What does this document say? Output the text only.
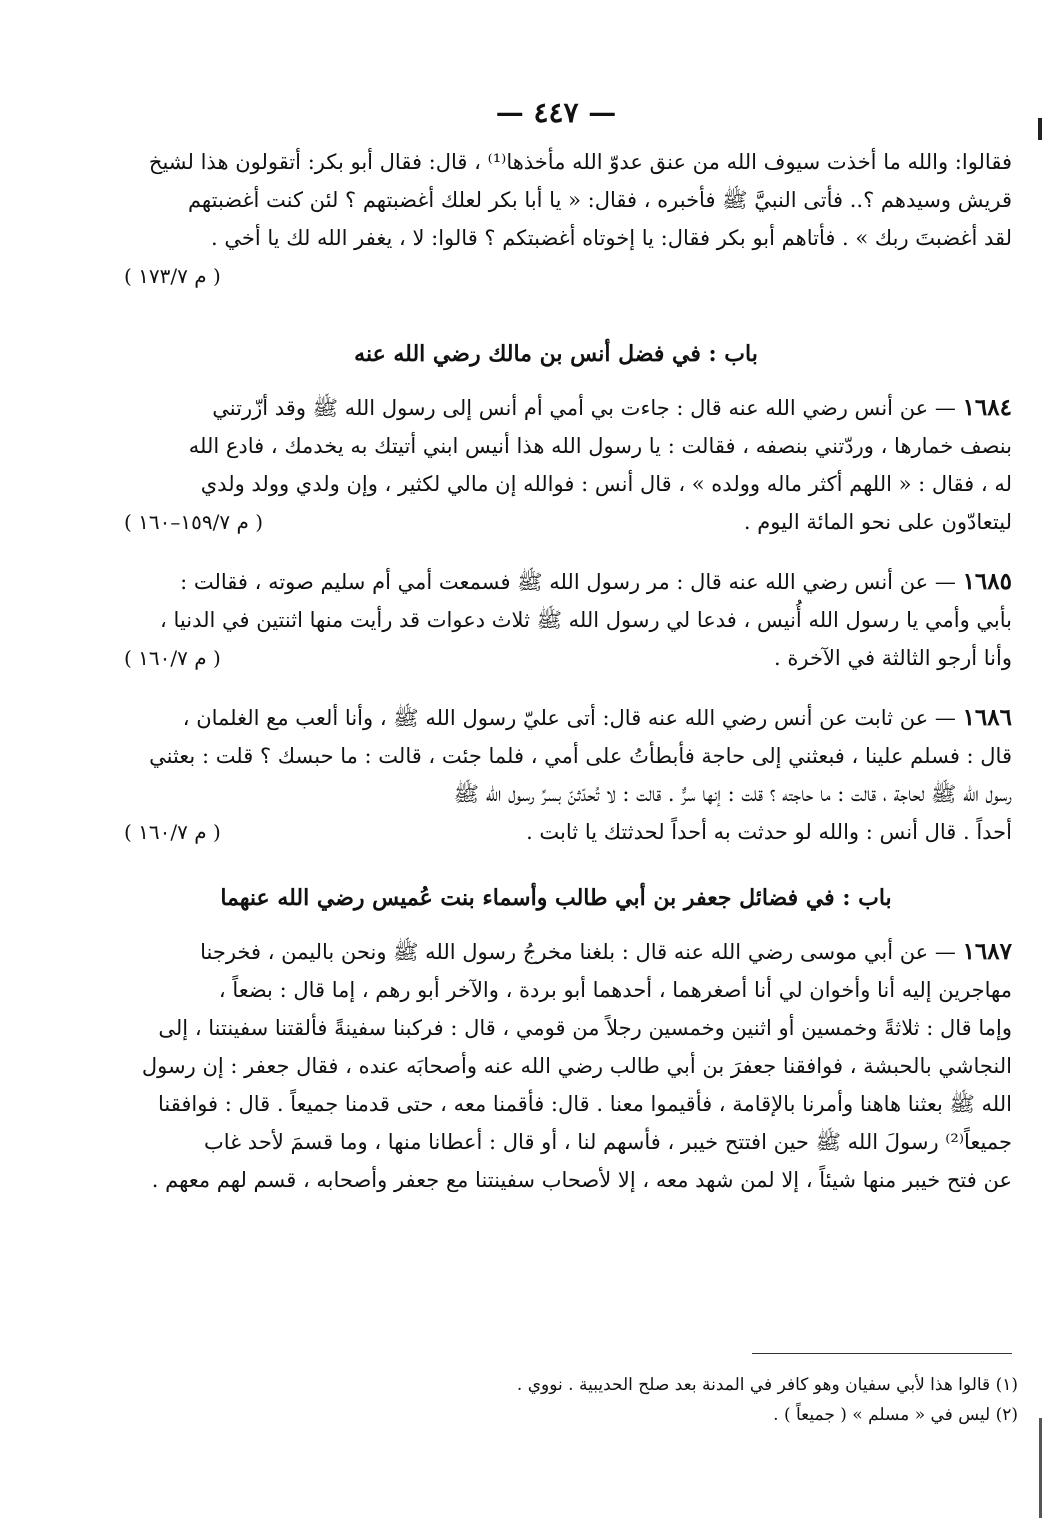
— ٤٤٧ —
فقالوا: والله ما أخذت سيوف الله من عنق عدوّ الله مأخذها⁽¹⁾ ، قال: فقال أبو بكر: أتقولون هذا لشيخ
قريش وسيدهم ؟.. فأتى النبيَّ ﷺ فأخبره ، فقال: « يا أبا بكر لعلك أغضبتهم ؟ لئن كنت أغضبتهم
لقد أغضبتَ ربك » . فأتاهم أبو بكر فقال: يا إخوتاه أغضبتكم ؟ قالوا: لا ، يغفر الله لك يا أخي .
( م ١٧٣/٧ )
باب : في فضل أنس بن مالك رضي الله عنه
١٦٨٤ — عن أنس رضي الله عنه قال : جاءت بي أمي أم أنس إلى رسول الله ﷺ وقد أزّرتني
بنصف خمارها ، وردّتني بنصفه ، فقالت : يا رسول الله هذا أنيس ابني أتيتك به يخدمك ، فادع الله
له ، فقال : « اللهم أكثر ماله وولده » ، قال أنس : فوالله إن مالي لكثير ، وإن ولدي وولد ولدي
ليتعادّون على نحو المائة اليوم .
( م ١٥٩/٧–١٦٠ )
١٦٨٥ — عن أنس رضي الله عنه قال : مر رسول الله ﷺ فسمعت أمي أم سليم صوته ، فقالت :
بأبي وأمي يا رسول الله أُنيس ، فدعا لي رسول الله ﷺ ثلاث دعوات قد رأيت منها اثنتين في الدنيا ،
وأنا أرجو الثالثة في الآخرة .
( م ١٦٠/٧ )
١٦٨٦ — عن ثابت عن أنس رضي الله عنه قال: أتى عليّ رسول الله ﷺ ، وأنا ألعب مع الغلمان ،
قال : فسلم علينا ، فبعثني إلى حاجة فأبطأتُ على أمي ، فلما جئت ، قالت : ما حبسك ؟ قلت : بعثني
رسول الله ﷺ لحاجة ، قالت : ما حاجته ؟ قلت : إنها سرٌّ . قالت : لا تُحدّثنّ بسرِّ رسول الله ﷺ
أحداً . قال أنس : والله لو حدثت به أحداً لحدثتك يا ثابت .
( م ١٦٠/٧ )
باب : في فضائل جعفر بن أبي طالب وأسماء بنت عُميس رضي الله عنهما
١٦٨٧ — عن أبي موسى رضي الله عنه قال : بلغنا مخرجُ رسول الله ﷺ ونحن باليمن ، فخرجنا
مهاجرين إليه أنا وأخوان لي أنا أصغرهما ، أحدهما أبو بردة ، والآخر أبو رهم ، إما قال : بضعاً ،
وإما قال : ثلاثةً وخمسين أو اثنين وخمسين رجلاً من قومي ، قال : فركبنا سفينةً فألقتنا سفينتنا ، إلى
النجاشي بالحبشة ، فوافقنا جعفرَ بن أبي طالب رضي الله عنه وأصحابَه عنده ، فقال جعفر : إن رسول
الله ﷺ بعثنا هاهنا وأمرنا بالإقامة ، فأقيموا معنا . قال: فأقمنا معه ، حتى قدمنا جميعاً . قال : فوافقنا
جميعاً⁽²⁾ رسولَ الله ﷺ حين افتتح خيبر ، فأسهم لنا ، أو قال : أعطانا منها ، وما قسمَ لأحد غاب
عن فتح خيبر منها شيئاً ، إلا لمن شهد معه ، إلا لأصحاب سفينتنا مع جعفر وأصحابه ، قسم لهم معهم .
(١) قالوا هذا لأبي سفيان وهو كافر في المدنة بعد صلح الحديبية . نووي .
(٢) ليس في « مسلم » ( جميعاً ) .
